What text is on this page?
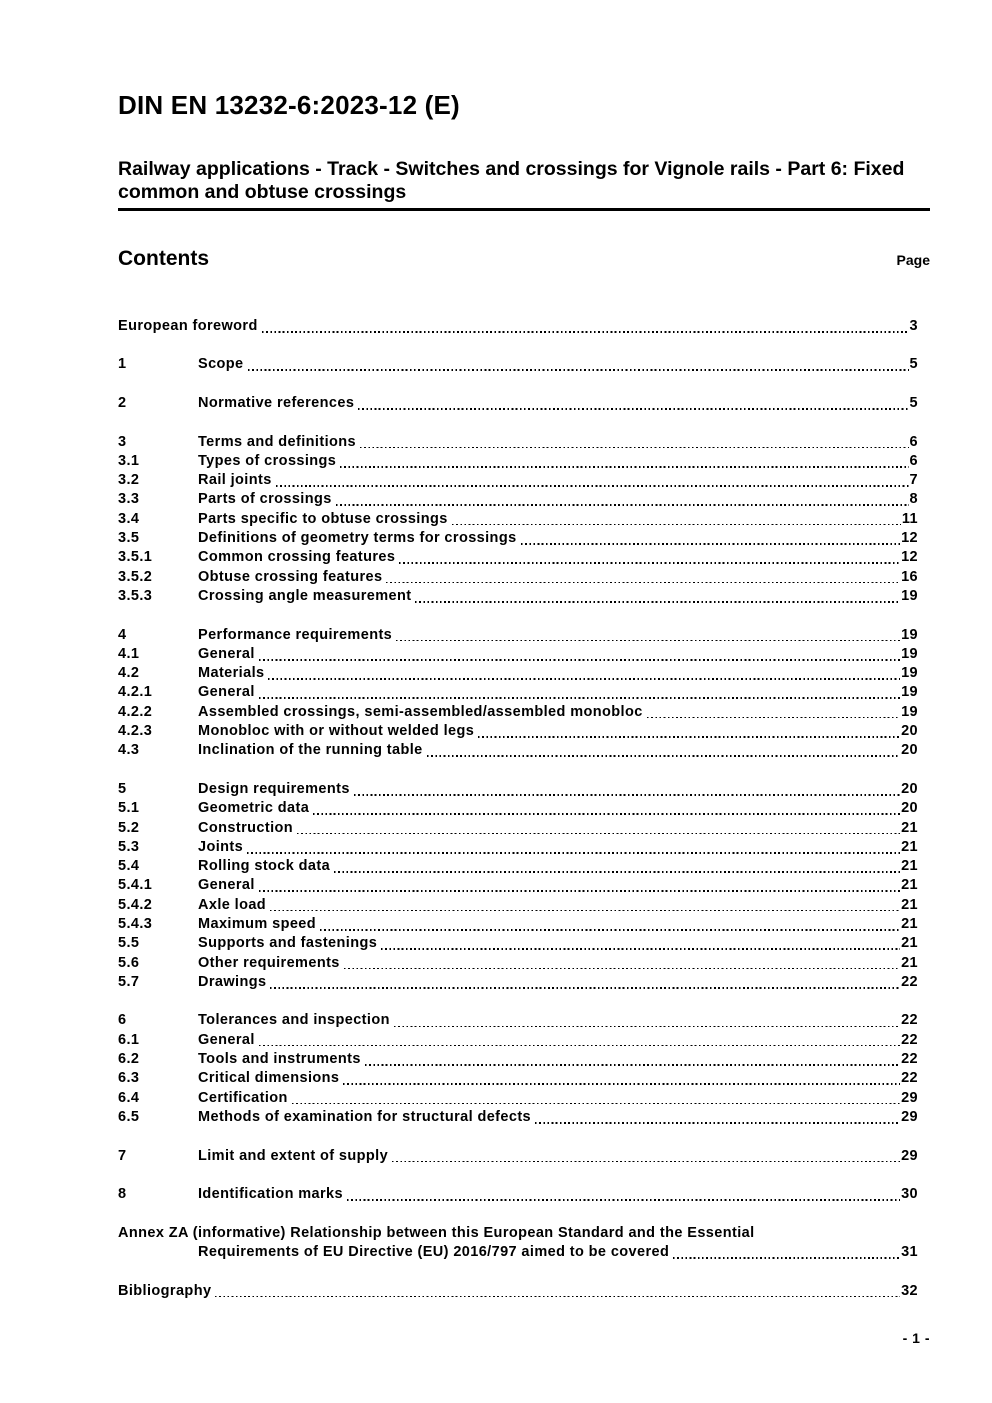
DIN EN 13232-6:2023-12 (E)
Railway applications - Track - Switches and crossings for Vignole rails - Part 6: Fixed common and obtuse crossings
Contents	Page
European foreword	3
1	Scope	5
2	Normative references	5
3	Terms and definitions	6
3.1	Types of crossings	6
3.2	Rail joints	7
3.3	Parts of crossings	8
3.4	Parts specific to obtuse crossings	11
3.5	Definitions of geometry terms for crossings	12
3.5.1	Common crossing features	12
3.5.2	Obtuse crossing features	16
3.5.3	Crossing angle measurement	19
4	Performance requirements	19
4.1	General	19
4.2	Materials	19
4.2.1	General	19
4.2.2	Assembled crossings, semi-assembled/assembled monobloc	19
4.2.3	Monobloc with or without welded legs	20
4.3	Inclination of the running table	20
5	Design requirements	20
5.1	Geometric data	20
5.2	Construction	21
5.3	Joints	21
5.4	Rolling stock data	21
5.4.1	General	21
5.4.2	Axle load	21
5.4.3	Maximum speed	21
5.5	Supports and fastenings	21
5.6	Other requirements	21
5.7	Drawings	22
6	Tolerances and inspection	22
6.1	General	22
6.2	Tools and instruments	22
6.3	Critical dimensions	22
6.4	Certification	29
6.5	Methods of examination for structural defects	29
7	Limit and extent of supply	29
8	Identification marks	30
Annex ZA (informative) Relationship between this European Standard and the Essential
Requirements of EU Directive (EU) 2016/797 aimed to be covered	31
Bibliography	32
- 1 -
